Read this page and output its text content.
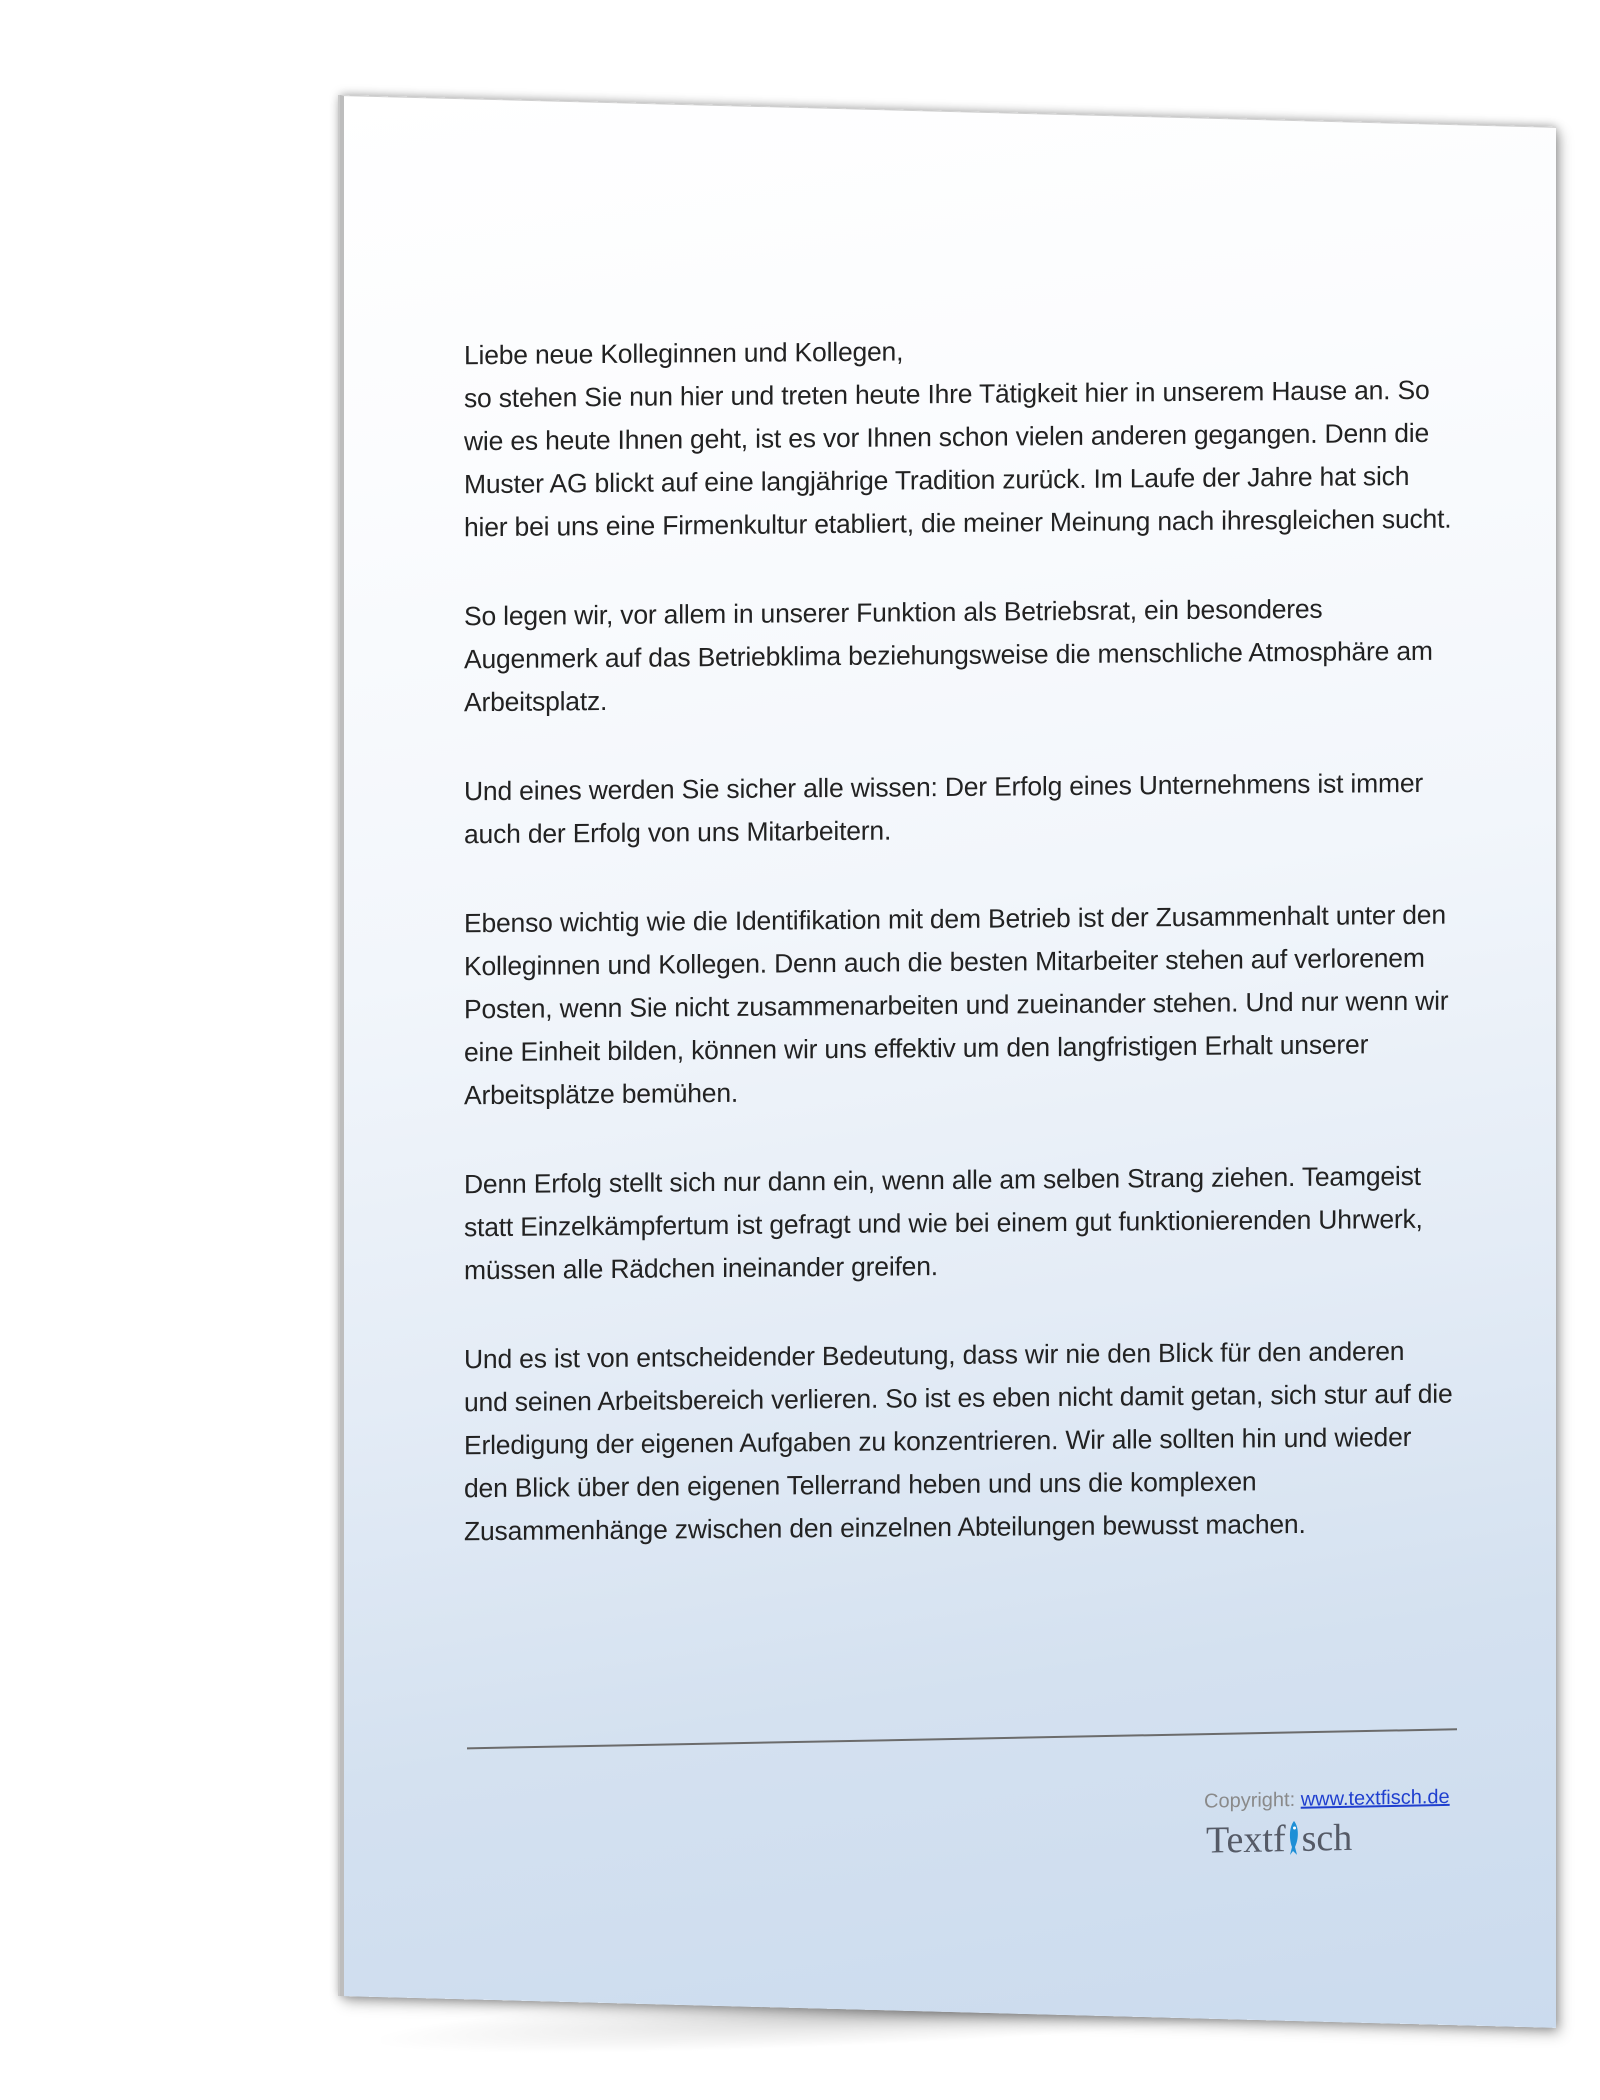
Liebe neue Kolleginnen und Kollegen,

so stehen Sie nun hier und treten heute Ihre Tätigkeit hier in unserem Hause an. So wie es heute Ihnen geht, ist es vor Ihnen schon vielen anderen gegangen. Denn die Muster AG blickt auf eine langjährige Tradition zurück. Im Laufe der Jahre hat sich hier bei uns eine Firmenkultur etabliert, die meiner Meinung nach ihresgleichen sucht.

So legen wir, vor allem in unserer Funktion als Betriebsrat, ein besonderes Augenmerk auf das Betriebklima beziehungsweise die menschliche Atmosphäre am Arbeitsplatz.

Und eines werden Sie sicher alle wissen: Der Erfolg eines Unternehmens ist immer auch der Erfolg von uns Mitarbeitern.

Ebenso wichtig wie die Identifikation mit dem Betrieb ist der Zusammenhalt unter den Kolleginnen und Kollegen. Denn auch die besten Mitarbeiter stehen auf verlorenem Posten, wenn Sie nicht zusammenarbeiten und zueinander stehen. Und nur wenn wir eine Einheit bilden, können wir uns effektiv um den langfristigen Erhalt unserer Arbeitsplätze bemühen.

Denn Erfolg stellt sich nur dann ein, wenn alle am selben Strang ziehen. Teamgeist statt Einzelkämpfertum ist gefragt und wie bei einem gut funktionierenden Uhrwerk, müssen alle Rädchen ineinander greifen.

Und es ist von entscheidender Bedeutung, dass wir nie den Blick für den anderen und seinen Arbeitsbereich verlieren. So ist es eben nicht damit getan, sich stur auf die Erledigung der eigenen Aufgaben zu konzentrieren. Wir alle sollten hin und wieder den Blick über den eigenen Tellerrand heben und uns die komplexen Zusammenhänge zwischen den einzelnen Abteilungen bewusst machen.

Copyright: www.textfisch.de
Textf sch
